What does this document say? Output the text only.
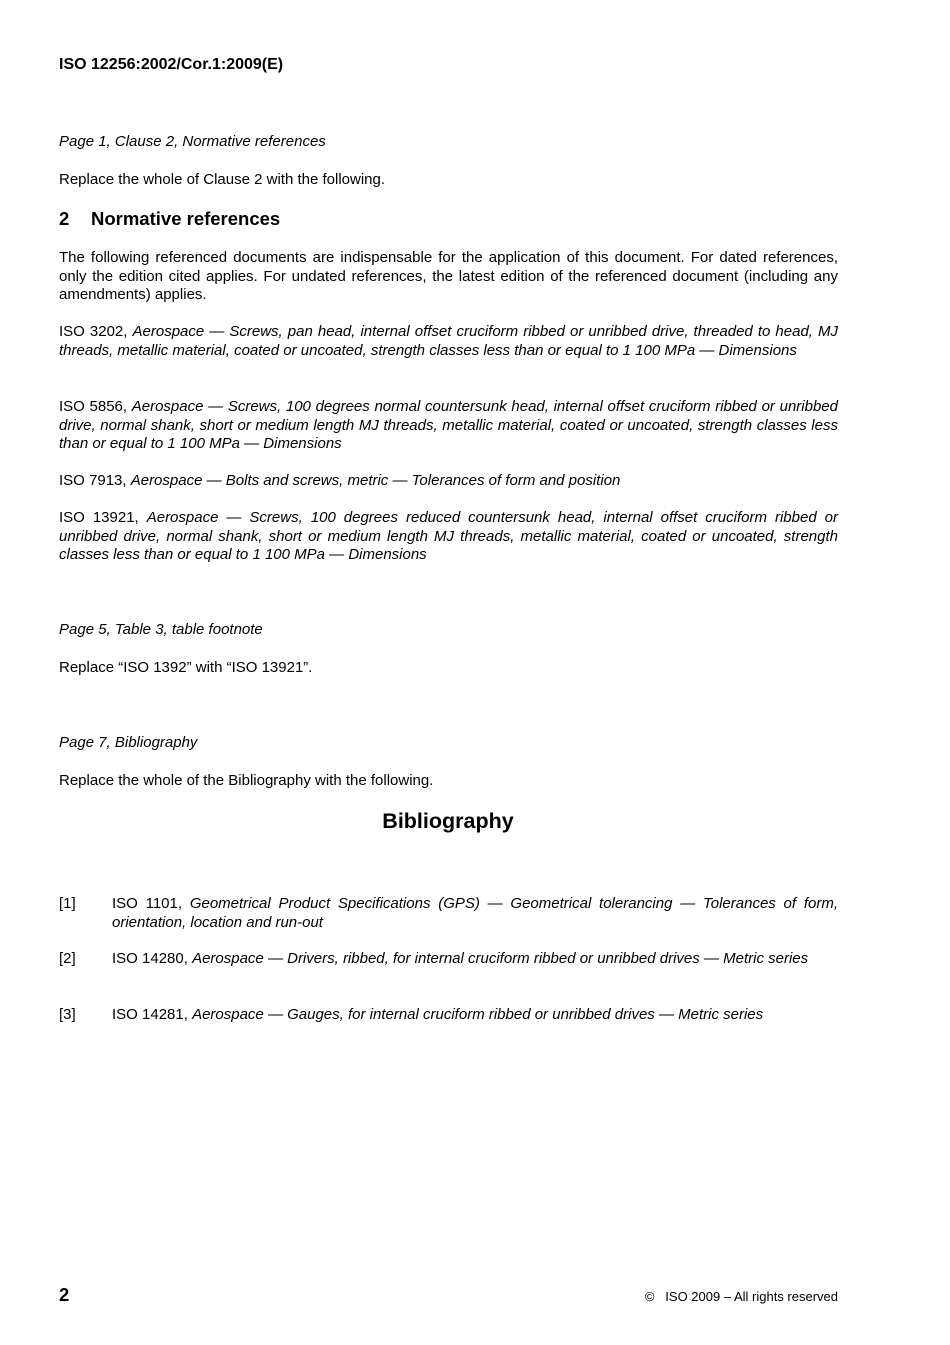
ISO 12256:2002/Cor.1:2009(E)
Page 1, Clause 2, Normative references
Replace the whole of Clause 2 with the following.
2 Normative references
The following referenced documents are indispensable for the application of this document. For dated references, only the edition cited applies. For undated references, the latest edition of the referenced document (including any amendments) applies.
ISO 3202, Aerospace — Screws, pan head, internal offset cruciform ribbed or unribbed drive, threaded to head, MJ threads, metallic material, coated or uncoated, strength classes less than or equal to 1 100 MPa — Dimensions
ISO 5856, Aerospace — Screws, 100 degrees normal countersunk head, internal offset cruciform ribbed or unribbed drive, normal shank, short or medium length MJ threads, metallic material, coated or uncoated, strength classes less than or equal to 1 100 MPa — Dimensions
ISO 7913, Aerospace — Bolts and screws, metric — Tolerances of form and position
ISO 13921, Aerospace — Screws, 100 degrees reduced countersunk head, internal offset cruciform ribbed or unribbed drive, normal shank, short or medium length MJ threads, metallic material, coated or uncoated, strength classes less than or equal to 1 100 MPa — Dimensions
Page 5, Table 3, table footnote
Replace “ISO 1392” with “ISO 13921”.
Page 7, Bibliography
Replace the whole of the Bibliography with the following.
Bibliography
[1] ISO 1101, Geometrical Product Specifications (GPS) — Geometrical tolerancing — Tolerances of form, orientation, location and run-out
[2] ISO 14280, Aerospace — Drivers, ribbed, for internal cruciform ribbed or unribbed drives — Metric series
[3] ISO 14281, Aerospace — Gauges, for internal cruciform ribbed or unribbed drives — Metric series
2	©   ISO 2009 – All rights reserved
